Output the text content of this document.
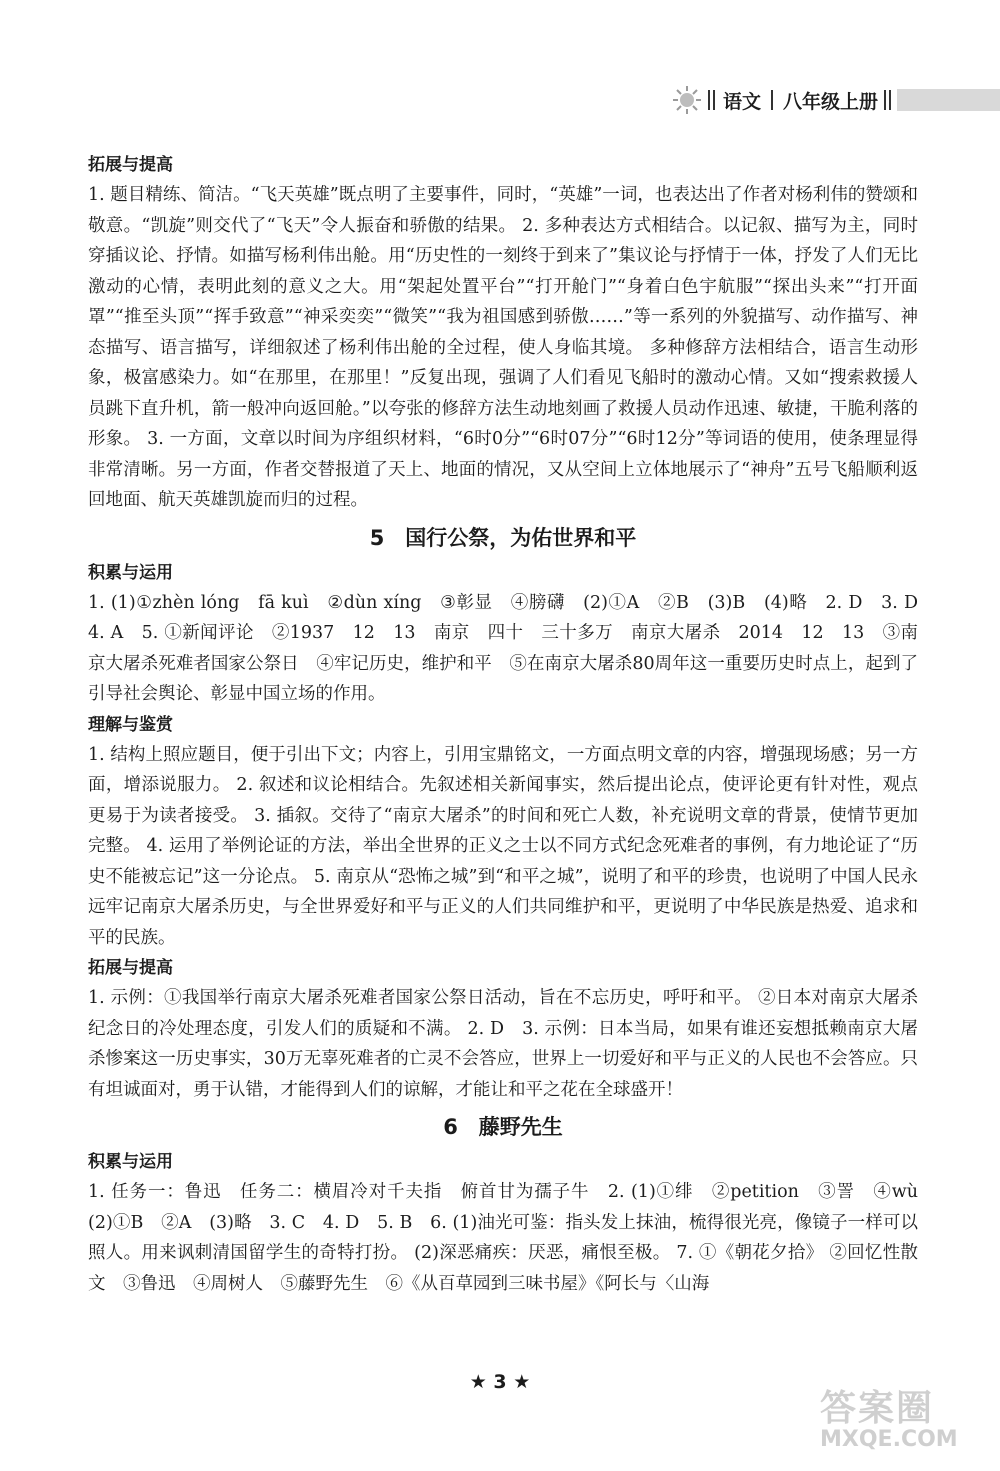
语文 八年级上册
拓展与提高

1. 题目精练、简洁。“飞天英雄”既点明了主要事件，同时，“英雄”一词，也表达出了作者对杨利伟的赞颂和敬意。“凯旋”则交代了“飞天”令人振奋和骄傲的结果。 2. 多种表达方式相结合。以记叙、描写为主，同时穿插议论、抒情。如描写杨利伟出舱。用“历史性的一刻终于到来了”集议论与抒情于一体，抒发了人们无比激动的心情，表明此刻的意义之大。用“架起处置平台”“打开舱门”“身着白色宇航服”“探出头来”“打开面罩”“推至头顶”“挥手致意”“神采奕奕”“微笑”“我为祖国感到骄傲……”等一系列的外貌描写、动作描写、神态描写、语言描写，详细叙述了杨利伟出舱的全过程，使人身临其境。 多种修辞方法相结合，语言生动形象，极富感染力。如“在那里，在那里！”反复出现，强调了人们看见飞船时的激动心情。又如“搜索救援人员跳下直升机，箭一般冲向返回舱。”以夸张的修辞方法生动地刻画了救援人员动作迅速、敏捷，干脆利落的形象。 3. 一方面，文章以时间为序组织材料，“6时0分”“6时07分”“6时12分”等词语的使用，使条理显得非常清晰。另一方面，作者交替报道了天上、地面的情况，又从空间上立体地展示了“神舟”五号飞船顺利返回地面、航天英雄凯旋而归的过程。

5　国行公祭，为佑世界和平
积累与运用

1. (1)①zhèn lóng　fā kuì　②dùn xíng　③彰显　④膀礴　(2)①A　②B　(3)B　(4)略　2. D　3. D　4. A　5. ①新闻评论　②1937　12　13　南京　四十　三十多万　南京大屠杀　2014　12　13　③南京大屠杀死难者国家公祭日　④牢记历史，维护和平　⑤在南京大屠杀80周年这一重要历史时点上，起到了引导社会舆论、彰显中国立场的作用。

理解与鉴赏

1. 结构上照应题目，便于引出下文；内容上，引用宝鼎铭文，一方面点明文章的内容，增强现场感；另一方面，增添说服力。 2. 叙述和议论相结合。先叙述相关新闻事实，然后提出论点，使评论更有针对性，观点更易于为读者接受。 3. 插叙。交待了“南京大屠杀”的时间和死亡人数，补充说明文章的背景，使情节更加完整。 4. 运用了举例论证的方法，举出全世界的正义之士以不同方式纪念死难者的事例，有力地论证了“历史不能被忘记”这一分论点。 5. 南京从“恐怖之城”到“和平之城”，说明了和平的珍贵，也说明了中国人民永远牢记南京大屠杀历史，与全世界爱好和平与正义的人们共同维护和平，更说明了中华民族是热爱、追求和平的民族。

拓展与提高

1. 示例：①我国举行南京大屠杀死难者国家公祭日活动，旨在不忘历史，呼吁和平。 ②日本对南京大屠杀纪念日的冷处理态度，引发人们的质疑和不满。 2. D　3. 示例：日本当局，如果有谁还妄想抵赖南京大屠杀惨案这一历史事实，30万无辜死难者的亡灵不会答应，世界上一切爱好和平与正义的人民也不会答应。只有坦诚面对，勇于认错，才能得到人们的谅解，才能让和平之花在全球盛开！

6　藤野先生
积累与运用

1. 任务一：鲁迅　任务二：横眉冷对千夫指　俯首甘为孺子牛　2. (1)①绯　②petition　③詈　④wù　(2)①B　②A　(3)略　3. C　4. D　5. B　6. (1)油光可鉴：指头发上抹油，梳得很光亮，像镜子一样可以照人。用来讽刺清国留学生的奇特打扮。 (2)深恶痛疾：厌恶，痛恨至极。 7. ①《朝花夕拾》 ②回忆性散文　③鲁迅　④周树人　⑤藤野先生　⑥《从百草园到三味书屋》《阿长与〈山海

★ 3 ★
答案圈
MXQE.COM
